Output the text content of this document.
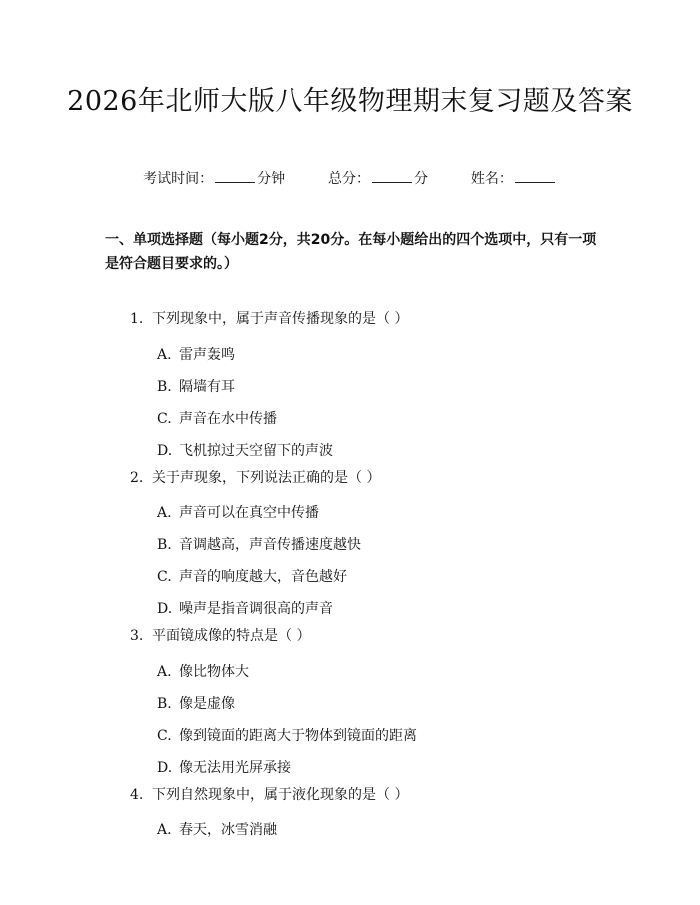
2026年北师大版八年级物理期末复习题及答案
考试时间：	分钟	总分：	分	姓名：

一、单项选择题（每小题2分，共20分。在每小题给出的四个选项中，只有一项是符合题目要求的。）

1. 下列现象中，属于声音传播现象的是（ ）
A. 雷声轰鸣
B. 隔墙有耳
C. 声音在水中传播
D. 飞机掠过天空留下的声波
2. 关于声现象，下列说法正确的是（ ）
A. 声音可以在真空中传播
B. 音调越高，声音传播速度越快
C. 声音的响度越大，音色越好
D. 噪声是指音调很高的声音
3. 平面镜成像的特点是（ ）
A. 像比物体大
B. 像是虚像
C. 像到镜面的距离大于物体到镜面的距离
D. 像无法用光屏承接
4. 下列自然现象中，属于液化现象的是（ ）
A. 春天，冰雪消融
